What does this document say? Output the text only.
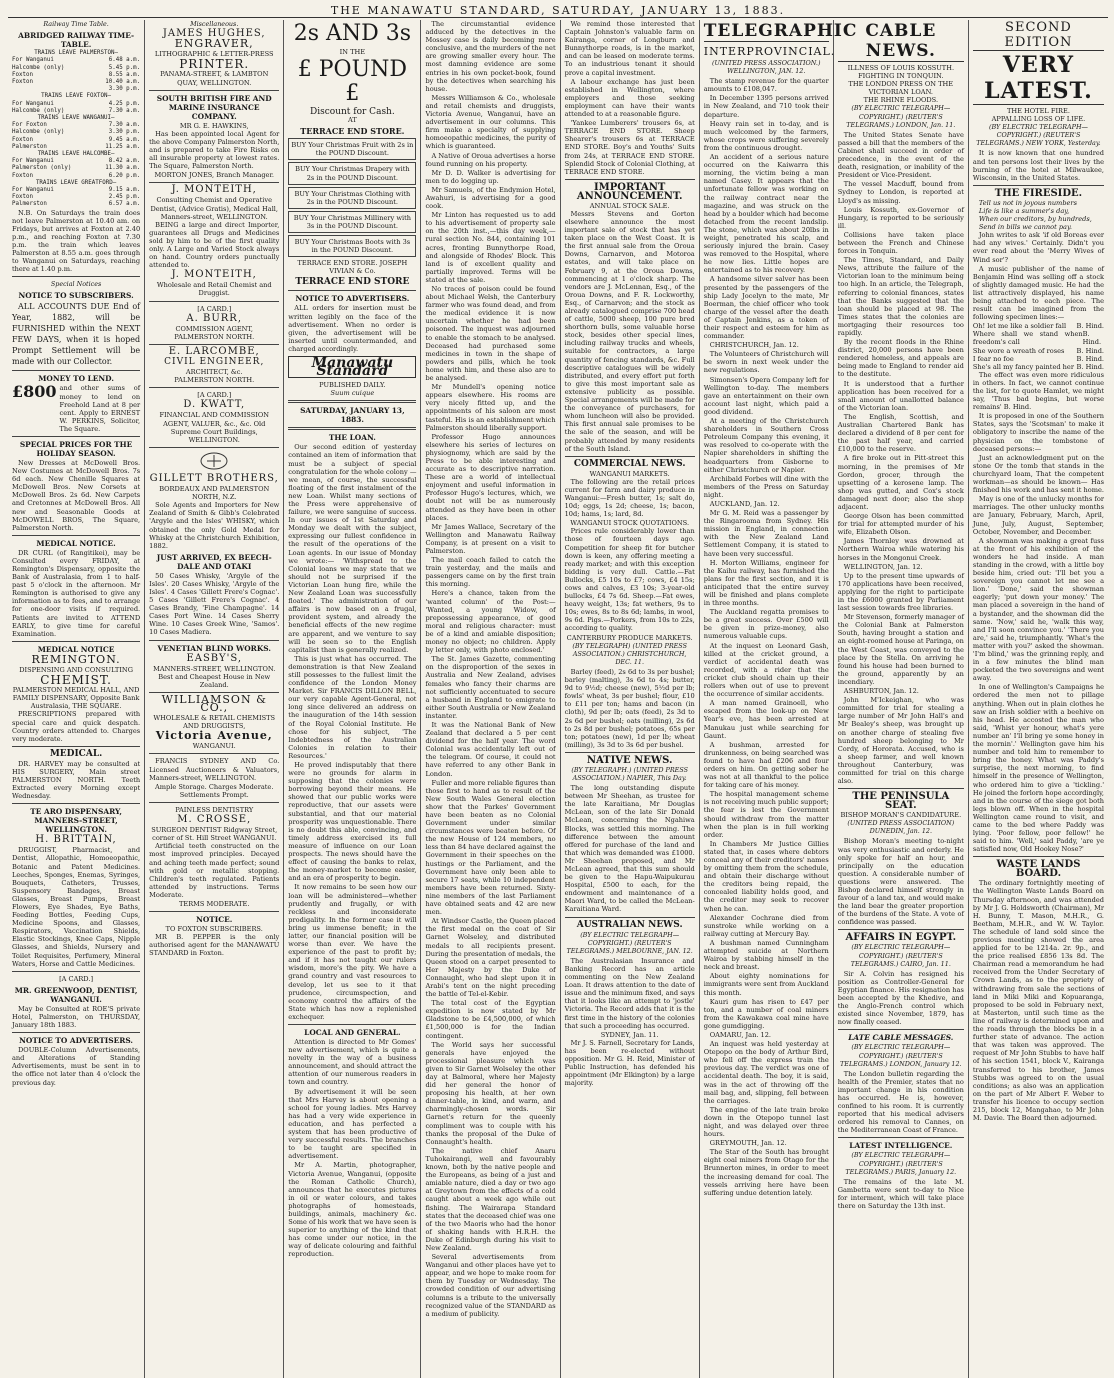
THE MANAWATU STANDARD, SATURDAY, JANUARY 13, 1883.
Railway Time Table.
ABRIDGED RAILWAY TIME-TABLE.
TRAINS LEAVE PALMERSTON—
For Wanganui	6.48 a.m.
Halcombe (only)	5.45 p.m.
Foxton	8.55 a.m.
Foxton	10.40 a.m.
3.30 p.m.
TRAINS LEAVE FOXTON—
For Wanganui	4.25 p.m.
Halcombe (only)	7.30 a.m.
TRAINS LEAVE WANGANUI—
For Foxton	7.30 a.m.
Halcombe (only)	3.30 p.m.
Foxton	9.45 a.m.
Palmerston	11.25 a.m.
TRAINS LEAVE HALCOMBE—
For Wanganui	8.42 a.m.
Palmerston (only)	11.30 a.m.
Foxton	6.20 p.m.
TRAINS LEAVE GREATFORD—
For Wanganui	9.15 a.m.
Foxton	2.45 p.m.
Palmerston	6.57 a.m.
N.B. On Saturdays the train does not leave Palmerston at 10.40 am. on Fridays, but arrives at Foxton at 2.40 p.m., and reaching Foxton at 7.30 p.m. the train which leaves Palmerston at 8.55 a.m. goes through to Wanganui on Saturdays, reaching there at 1.40 p.m.
Special Notices
NOTICE TO SUBSCRIBERS.
ALL ACCOUNTS DUE End of Year, 1882, will be FURNISHED within the NEXT FEW DAYS, when it is hoped Prompt Settlement will be made with our Collector.
MONEY TO LEND.
£800 and other sums of money to lend on Freehold Land at 8 per cent. Apply to ERNEST W. PERKINS, Solicitor, The Square.
SPECIAL PRICES FOR THE HOLIDAY SEASON.
New Dresses at McDowell Bros. New Costumes at McDowell Bros. 7s 6d each. New Chenille Squares at McDowell Bros. New Corsets at McDowell Bros. 2s 6d. New Carpets and Cretonnes at McDowell Bros. All new and Seasonable Goods at McDOWELL BROS, The Square, Palmerston North.
MEDICAL NOTICE.
DR CURL (of Rangitikei), may be Consulted every FRIDAY, at Remington's Dispensary, opposite the Bank of Australasia, from 1 to half-past 5 o'clock in the afternoon. Mr Remington is authorised to give any information as to fees, and to arrange for one-door visits if required. Patients are invited to ATTEND EARLY, to give time for careful Examination.
MEDICAL NOTICE
REMINGTON.
DISPENSING AND CONSULTING
CHEMIST.
PALMERSTON MEDICAL HALL, AND FAMILY DISPENSARY, Opposite Bank Australasia, THE SQUARE.
PRESCRIPTIONS prepared with special care and quick despatch. Country orders attended to. Charges very moderate.
MEDICAL.
DR. HARVEY may be consulted at HIS SURGERY, Main street PALMERSTON NORTH. Teeth Extracted every Morning except Wednesday.
TE ARO DISPENSARY, MANNERS-STREET, WELLINGTON.
H. BRITTAIN,
DRUGGIST, Pharmacist, and Dentist, Allopathic, Homoeopathic, Botanic and Patent Medicines. Leeches, Sponges, Enemas, Syringes, Bouquets, Catheters, Trusses, Suspensory Bandages, Breast Glasses, Breast Pumps, Breast Flowers, Eye Shades, Eye Baths, Feeding Bottles, Feeding Cups, Medicine Spoons, and Glasses, Respirators, Vaccination Shields, Elastic Stockings, Knee Caps, Nipple Glasses, and Shields, Nursery and Toilet Requisites, Perfumery, Mineral Waters, Horse and Cattle Medicines.
[A CARD.]
MR. GREENWOOD, DENTIST, WANGANUI.
May be Consulted at ROE'S private Hotel, Palmerston, on THURSDAY, January 18th 1883.
NOTICE TO ADVERTISERS.
DOUBLE-Column Advertisements, and Alterations of Standing Advertisements, must be sent in to the office not later than 4 o'clock the previous day.
Miscellaneous.
JAMES HUGHES,
ENGRAVER,
LITHOGRAPHIC & LETTER-PRESS
PRINTER.
PANAMA-STREET, & LAMBTON QUAY, WELLINGTON.
SOUTH BRITISH FIRE AND MARINE INSURANCE COMPANY.
MR G. E. HAWKINS,
Has been appointed local Agent for the above Company Palmerston North, and is prepared to take Fire Risks on all insurable property at lowest rates. The Square, Palmerston North.
MORTON JONES, Branch Manager.
J. MONTEITH,
Consulting Chemist and Operative Dentist, (Advice Gratis), Medical Hall, Manners-street, WELLINGTON.
BEING a large and direct Importer, guarantees all Drugs and Medicines sold by him to be of the first quality only. A Large and Varied Stock always on hand. Country orders punctually attended to.
J. MONTEITH,
Wholesale and Retail Chemist and Druggist.
[A CARD.]
A. BURR,
COMMISSION AGENT,
PALMERSTON NORTH.
E. LARCOMBE,
CIVIL ENGINEER,
ARCHITECT, &c.
PALMERSTON NORTH.
[A CARD.]
D. KWATT,
FINANCIAL AND COMMISSION AGENT, VALUER, &c., &c. Old Supreme Court Buildings, WELLINGTON.
GILLETT BROTHERS,
BORDEAUX AND PALMERSTON NORTH, N.Z.
Sole Agents and Importers for New Zealand of Smith & Gibb's Celebrated 'Argyle and the Isles' WHISKY, which obtained the only Gold Medal for Whisky at the Christchurch Exhibition, 1882.
JUST ARRIVED, EX BEECH-DALE AND OTAKI
50 Cases Whisky, 'Argyle of the Isles'. 20 Cases Whisky, 'Argyle of the Isles'. 4 Cases 'Gillett Frere's Cognac'. 5 Cases 'Gillett Frere's Cognac'. 4 Cases Brandy, 'Fine Champagne'. 14 Cases Port Wine. 14 Cases Sherry Wine. 10 Cases Greek Wine, 'Samos'. 10 Cases Madiera.
VENETIAN BLIND WORKS.
EASBY'S,
MANNERS-STREET, WELLINGTON. Best and Cheapest House in New Zealand.
WILLIAMSON & CO.,
WHOLESALE & RETAIL CHEMISTS AND DRUGGISTS,
Victoria Avenue,
WANGANUI.
FRANCIS SYDNEY AND Co. Licensed Auctioneers & Valuators, Manners-street, WELLINGTON.
Ample Storage. Charges Moderate. Settlements Prompt.
PAINLESS DENTISTRY
M. CROSSE,
SURGEON DENTIST Ridgway Street, corner of St. Hill Street WANGANUI.
Artificial teeth constructed on the most improved principles. Decayed and aching teeth made perfect; sound with gold or metallic stopping. Children's teeth regulated. Patients attended by instructions. Terms Moderate.
TERMS MODERATE.
NOTICE.
TO FOXTON SUBSCRIBERS.
MR B. PEPPER is the only authorised agent for the MANAWATU STANDARD in Foxton.
2s AND 3s
IN THE
£ POUND £
Discount for Cash.
AT
TERRACE END STORE.
BUY Your Christmas Fruit with 2s in the POUND Discount.
BUY Your Christmas Drapery with 2s in the POUND Discount.
BUY Your Christmas Clothing with 2s in the POUND Discount.
BUY Your Christmas Millinery with 3s in the POUND Discount.
BUY Your Christmas Boots with 3s in the POUND Discount.
TERRACE END STORE. JOSEPH VIVIAN & Co.
TERRACE END STORE
NOTICE TO ADVERTISERS.
ALL orders for insertion must be written legibly on the face of the advertisement. When no order is given, the advertisement will be inserted until countermanded, and charged accordingly.
Manawatu Standard
PUBLISHED DAILY.
Suum cuique
SATURDAY, JANUARY 13, 1883.
THE LOAN.
Our second edition of yesterday contained an item of information that must be a subject of special congratulation for the whole colony — we mean, of course, the successful floating of the first instalment of the new Loan. Whilst many sections of the Press were apprehensive of failure, we were sanguine of success. In our issues of 1st Saturday and Monday we dealt with the subject, expressing our fullest confidence in the result of the operations of the Loan agents. In our issue of Monday we wrote:— 'Withspread to the Colonial loans we may state that we should not be surprised if the Victorian Loan hung fire, while the New Zealand Loan was successfully floated.' The administration of our affairs is now based on a frugal, provident system, and already the beneficial effects of the new regime are apparent, and we venture to say will be seen so to the English capitalist than is generally realized.
This is just what has occurred. The demonstration is that New Zealand still possesses to the fullest limit the confidence of the London Money Market. Sir FRANCIS DILLON BELL, our very capable Agent-General, not long since delivered an address on the inauguration of the 14th session of the Royal Colonial Institute. He chose for his subject, 'The Indebtedness of the Australian Colonies in relation to their Resources.'
He proved indisputably that there were no grounds for alarm in supposing that the colonies were borrowing beyond their means. He showed that our public works were reproductive, that our assets were substantial, and that our material prosperity was unquestionable. There is no doubt this able, convincing, and timely address exercised its full measure of influence on our Loan prospects. The news should have the effect of causing the banks to relax, the money-market to become easier, and an era of prosperity to begin.
It now remains to be seen how our loan will be administered—whether prudently and frugally, or with reckless and inconsiderate prodigality. In the former case it will bring us immense benefit; in the latter, our financial position will be worse than ever. We have the experience of the past to profit by; and if it has not taught our rulers wisdom, more's the pity. We have a grand country and vast resources to develop, let us see to it that prudence, circumspection, and economy control the affairs of the State which has now a replenished exchequer.
LOCAL AND GENERAL.
Attention is directed to Mr Gomes' new advertisement, which is quite a novelty in the way of a business announcement, and should attract the attention of our numerous readers in town and country.
By advertisement it will be seen that Mrs Harvey is about opening a school for young ladies. Mrs Harvey has had a very wide experience in education, and has perfected a system that has been productive of very successful results. The branches to be taught are specified in advertisement.
Mr A. Martin, photographer, Victoria Avenue, Wanganui, (opposite the Roman Catholic Church), announces that he executes pictures in oil or water colours, and takes photographs of homesteads, buildings, animals, machinery &c. Some of his work that we have seen is superior to anything of the kind that has come under our notice, in the way of delicate colouring and faithful reproduction.
The circumstantial evidence adduced by the detectives in the Mossey case is daily becoming more conclusive, and the murders of the net are growing smaller every hour. The most damning evidence are some entries in his own pocket-book, found by the detectives when searching his house.
Messrs Williamson & Co., wholesale and retail chemists and druggists, Victoria Avenue, Wanganui, have an advertisement in our columns. This firm make a specialty of supplying homoeopathic medicines, the purity of which is guaranteed.
A Native of Oroua advertises a horse found running on his property.
Mr D. D. Walker is advertising for men to do logging up.
Mr Samuels, of the Endymion Hotel, Awahuri, is advertising for a good cook.
Mr Linton has requested us to add to his advertisement of property sale on the 20th inst.,—this day week,—rural section No. 844, containing 101 acres, fronting Bunnythorpe Road, and alongside of Rhodes' Block. This land is of excellent quality and partially improved. Terms will be stated at the sale.
No traces of poison could be found about Michael Welsh, the Canterbury farmer who was found dead, and from the medical evidence it is now uncertain whether he had been poisoned. The inquest was adjourned to enable the stomach to be analysed. Deceased had purchased some medicines in town in the shape of powders and pills, which he took home with him, and these also are to be analysed.
Mr Mundell's opening notice appears elsewhere. His rooms are very nicely fitted up, and the appointments of his saloon are most tasteful. His is an establishment which Palmerston should liberally support.
Professor Hugo announces elsewhere his series of lectures on physiognomy, which are said by the Press to be able interesting and accurate as to descriptive narration. These are a world of intellectual enjoyment and useful information in Professor Hugo's lectures, which, we doubt not will be as numerously attended as they have been in other places.
Mr James Wallace, Secretary of the Wellington and Manawatu Railway Company, is at present on a visit to Palmerston.
The mail coach failed to catch the train yesterday, and the mails and passengers came on by the first train this morning.
Here's a chance, taken from the 'wanted column' of the Post:— 'Wanted, a young Widow, of prepossessing appearance, of good moral and religious character: must be of a kind and amiable disposition; money no object; no children. Apply by letter only, with photo enclosed.'
The St. James Gazette, commenting on the disproportion of the sexes in Australia and New Zealand, advises females who fancy their charms are not sufficiently accentuated to secure a husband in England to emigrate to either South Australia or New Zealand instanter.
It was the National Bank of New Zealand that declared a 5 per cent dividend for the half year. The word Colonial was accidentally left out of the telegram. Of course, it could not have referred to any other Bank in London.
Fuller and more reliable figures than those first to hand as to result of the New South Wales General election show that the Parkes' Government have been beaten as no Colonial Government under similar circumstances were beaten before. Of the new House of 124 members, no less than 84 have declared against the Government in their speeches on the hustings or the Parliament, and the Government have only been able to secure 17 seats, while 10 independent members have been returned. Sixty-nine members of the last Parliament have obtained seats and 42 are new men.
At Windsor Castle, the Queen placed the first medal on the coat of Sir Garnet Wolseley, and distributed medals to all recipients present. During the presentation of medals, the Queen stood on a carpet presented to Her Majesty by the Duke of Connaught, who had slept upon it in Arabi's tent on the night preceding the battle of Tel-el-Kebir.
The total cost of the Egyptian expedition is now stated by Mr Gladstone to be £4,500,000, of which £1,500,000 is for the Indian contingent.
The World says her successful generals have enjoyed the processional pleasure which was given to Sir Garnet Wolseley the other day at Balmoral, where her Majesty did her general the honor of proposing his health, at her own dinner-table, in kind, and warm, and charmingly-chosen words. Sir Garnet's return for the queenly compliment was to couple with his thanks the proposal of the Duke of Connaught's health.
The native chief Anaru Tuhokairangi, well and favourably known, both by the native people and the Europeans, as being of a just and amiable nature, died a day or two ago at Greytown from the effects of a cold caught about a week ago while out fishing. The Wairarapa Standard states that the deceased chief was one of the two Maoris who had the honor of shaking hands with H.R.H. the Duke of Edinburgh during his visit to New Zealand.
Several advertisements from Wanganui and other places have yet to appear, and we hope to make room for them by Tuesday or Wednesday. The crowded condition of our advertising columns is a tribute to the universally recognized value of the STANDARD as a medium of publicity.
We remind those interested that Captain Johnston's valuable farm on Kairanga, corner of Longburn and Bunnythorpe roads, is in the market, and can be leased on moderate terms. To an industrious tenant it should prove a capital investment.
A labour exchange has just been established in Wellington, where employers and those seeking employment can have their wants attended to at a reasonable figure.
'Yankee Lumberers' trousers 6s, at TERRACE END STORE. Sheep Shearer's trousers 6s at TERRACE END STORE. Boy's and Youths' Suits from 24s, at TERRACE END STORE. Splendid Stock of Colonial Clothing, at TERRACE END STORE.
IMPORTANT ANNOUNCEMENT.
ANNUAL STOCK SALE.
Messrs Stevens and Gorton elsewhere announce the most important sale of stock that has yet taken place on the West Coast. It is the first annual sale from the Oroua Downs, Carnarvon, and Motoroa estates, and will take place on February 9, at the Oroua Downs, commencing at 1 o'clock sharp. The vendors are J. McLennan, Esq., of the Oroua Downs, and F. R. Lockworthy, Esq., of Carnarvon; and the stock as already catalogued comprise 700 head of cattle, 5000 sheep, 100 pure bred shorthorn bulls, some valuable horse stock, besides other special lines, including railway trucks and wheels, suitable for contractors, a large quantity of fencing standards, &c. Full descriptive catalogues will be widely distributed, and every effort put forth to give this most important sale as extensive publicity as possible. Special arrangements will be made for the conveyance of purchasers, for whom luncheon will also be provided. This first annual sale promises to be the sale of the season, and will be probably attended by many residents of the South Island.
COMMERCIAL NEWS.
WANGANUI MARKETS.
The following are the retail prices current for farm and dairy produce in Wanganui:—Fresh butter, 1s; salt do, 10d; eggs, 1s 2d; cheese, 1s; bacon, 10d; hams, 1s; lard, 8d.
WANGANUI STOCK QUOTATIONS.
Prices rule considerably lower than those of fourteen days ago. Competition for sheep fit for butcher down is keen, any offering meeting a ready market; and with this exception bidding is very dull. Cattle.—Fat Bullocks, £5 10s to £7; cows, £4 15s; cows and calves, £3 10s; 3-year-old bullocks, £4 7s 6d. Sheep.—Fat ewes, heavy weight, 13s; fat wethers, 9s to 10s; ewes, 8s to 8s 6d; lambs, in wool, 9s 6d. Pigs.—Porkers, from 10s to 22s, according to quality.
CANTERBURY PRODUCE MARKETS.
(BY TELEGRAPH) (UNITED PRESS ASSOCIATION.) CHRISTCHURCH, DEC. 11.
Barley (feed), 2s 6d to 3s per bushel; barley (malting), 3s 6d to 4s; butter, 9d to 9½d; cheese (new), 5½d per lb; fowls' wheat, 3s per bushel; flour, £10 to £11 per ton; hams and bacon (in cloth), 9d per lb; oats (feed), 2s 3d to 2s 6d per bushel; oats (milling), 2s 6d to 2s 8d per bushel; potatoes, 65s per ton; potatoes (new), 1d per lb; wheat (milling), 3s 3d to 3s 6d per bushel.
NATIVE NEWS.
(BY TELEGRAPH.) (UNITED PRESS ASSOCIATION.) NAPIER, This Day.
The long outstanding dispute between Mr Sheehan, as trustee for the late Karaitiana, Mr Douglas McLean, son of the late Sir Donald McLean, concerning the Ngahiwa Blocks, was settled this morning. The difference between the amount offered for purchase of the land and that which was demanded was £1000. Mr Sheehan proposed, and Mr McLean agreed, that this sum should be given to the Hapu-Waipukurau Hospital, £500 to each, for the endowment and maintenance of a Maori Ward, to be called the McLean-Karaitiana Ward.
AUSTRALIAN NEWS.
(BY ELECTRIC TELEGRAPH—COPYRIGHT.) (REUTER'S TELEGRAMS.) MELBOURNE, JAN. 12.
The Australasian Insurance and Banking Record has an article commenting on the New Zealand Loan. It draws attention to the date of issue and the minimum fixed, and says that it looks like an attempt to 'jostle' Victoria. The Record adds that it is the first time in the history of the colonies that such a proceeding has occurred.
SYDNEY, Jan. 11.
Mr J. S. Farnell, Secretary for Lands, has been re-elected without opposition. Mr G. H. Reid, Minister of Public Instruction, has defended his appointment (Mr Elkington) by a large majority.
TELEGRAPHIC
INTERPROVINCIAL.
(UNITED PRESS ASSOCIATION.) WELLINGTON, JAN. 12.
The stamp revenue for the quarter amounts to £108,047.
In December 1395 persons arrived in New Zealand, and 710 took their departure.
Heavy rain set in to-day, and is much welcomed by the farmers, whose crops were suffering severely from the continuous drought.
An accident of a serious nature occurred on the Kaiwarra this morning, the victim being a man named Casey. It appears that the unfortunate fellow was working on the railway contract near the magazine, and was struck on the head by a boulder which had become detached from the recent landslip. The stone, which was about 20lbs in weight, penetrated his scalp, and seriously injured the brain. Casey was removed to the Hospital, where he now lies. Little hopes are entertained as to his recovery.
A handsome silver salver has been presented by the passengers of the ship Lady Jocelyn to the mate, Mr Boerman, the chief officer who took charge of the vessel after the death of Captain Jenkins, as a token of their respect and esteem for him as commander.
CHRISTCHURCH, Jan. 12.
The Volunteers of Christchurch will be sworn in next week under the new regulations.
Simonsen's Opera Company left for Wellington to-day. The members gave an entertainment on their own account last night, which paid a good dividend.
At a meeting of the Christchurch shareholders in Southern Cross Petroleum Company this evening, it was resolved to co-operate with the Napier shareholders in shifting the headquarters from Gisborne to either Christchurch or Napier.
Archibald Forbes will dine with the members of the Press on Saturday night.
AUCKLAND, Jan. 12.
Mr G. M. Reid was a passenger by the Ringarooma from Sydney. His mission in England, in connection with the New Zealand Land Settlement Company, it is stated to have been very successful.
H. Morton Williams, engineer for the Kaihu railway, has furnished the plans for the first section, and it is anticipated that the entire survey will be finished and plans complete in three months.
The Auckland regatta promises to be a great success. Over £500 will be given in prize-money, also numerous valuable cups.
At the inquest on Leonard Gash, killed at the cricket ground, a verdict of accidental death was recorded, with a rider that the cricket club should chain up their rollers when out of use to prevent the occurrence of similar accidents.
A man named Grainoell, who escaped from the look-up on New Year's eve, has been arrested at Manukau just while searching for Gaunt.
A bushman, arrested for drunkenness, on being searched was found to have had £206 and four orders on him. On getting sober he was not at all thankful to the police for taking care of his money.
The hospital management scheme is not receiving much public support; the fear is lest the Government should withdraw from the matter when the plan is in full working order.
In Chambers Mr Justice Gillies stated that, in cases where debtors conceal any of their creditors' names by omitting them from the schedule, and obtain their discharge without the creditors being repaid, the concealed liability holds good, and the creditor may seek to recover when he can.
Alexander Cochrane died from sunstroke while working on a railway cutting at Mercury Bay.
A bushman named Cunningham attempted suicide at Northern Wairoa by stabbing himself in the neck and breast.
About eighty nominations for immigrants were sent from Auckland this month.
Kauri gum has risen to £47 per ton, and a number of coal miners from the Kawakawa coal mine have gone gumdigging.
OAMARU, Jan. 12.
An inquest was held yesterday at Otepopo on the body of Arthur Bird, who fell off the express train the previous day. The verdict was one of accidental death. The boy, it is said, was in the act of throwing off the mail bag, and, slipping, fell between the carriages.
The engine of the late train broke down in the Otepopo tunnel last night, and was delayed over three hours.
GREYMOUTH, Jan. 12.
The Star of the South has brought eight coal miners from Otago for the Brunnerton mines, in order to meet the increasing demand for coal. The vessels arriving here have been suffering undue detention lately.
CABLE NEWS.
ILLNESS OF LOUIS KOSSUTH.
FIGHTING IN TONQUIN.
THE LONDON PRESS ON THE VICTORIAN LOAN.
THE RHINE FLOODS.
(BY ELECTRIC TELEGRAPH—COPYRIGHT.) (REUTER'S TELEGRAMS.) LONDON, Jan. 11.
The United States Senate have passed a bill that the members of the Cabinet shall succeed in order of precedence, in the event of the death, resignation, or inability of the President or Vice-President.
The vessel Macduff, bound from Sydney to London, is reported at Lloyd's as missing.
Louis Kossuth, ex-Governor of Hungary, is reported to be seriously ill.
Collisions have taken place between the French and Chinese forces in Tonquin.
The Times, Standard, and Daily News, attribute the failure of the Victorian loan to the minimum being too high. In an article, the Telegraph, referring to colonial finances, states that the Banks suggested that the loan should be placed at 98. The Times states that the colonies are mortgaging their resources too rapidly.
By the recent floods in the Rhine district, 20,000 persons have been rendered homeless, and appeals are being made to England to render aid to the destitute.
It is understood that a further application has been received for a small amount of unallotted balance of the Victorian loan.
The English, Scottish, and Australian Chartered Bank has declared a dividend of 8 per cent for the past half year, and carried £10,000 to the reserve.
A fire broke out in Pitt-street this morning, in the premises of Mr Gordon, grocer, through the upsetting of a kerosene lamp. The shop was gutted, and Cox's stock damaged next door; also the shop adjacent.
George Olson has been committed for trial for attempted murder of his wife, Elizabeth Olson.
James Thornley was drowned at Northern Wairoa while watering his horses in the Mongonui Creek.
WELLINGTON, Jan. 12.
Up to the present time upwards of 170 applications have been received, applying for the right to participate in the £6000 granted by Parliament last session towards free libraries.
Mr Stevenson, formerly manager of the Colonial Bank at Palmerston South, having brought a station and an eight-roomed house at Paringa, on the West Coast, was conveyed to the place by the Stella. On arriving he found his house had been burned to the ground, apparently by an incendiary.
ASHBURTON, Jan. 12.
John M'Ickeighan, who was committed for trial for stealing a large number of Mr John Hall's and Mr Bealey's sheep, was brought up on another charge of stealing five hundred sheep belonging to Mr Cordy, of Hororata. Accused, who is a sheep farmer, and well known throughout Canterbury, was committed for trial on this charge also.
THE PENINSULA SEAT.
BISHOP MORAN'S CANDIDATURE.
(UNITED PRESS ASSOCIATION) DUNEDIN, Jan. 12.
Bishop Moran's meeting to-night was very enthusiastic and orderly. He only spoke for half an hour, and principally on the education question. A considerable number of questions were answered. The Bishop declared himself strongly in favour of a land tax, and would make the land bear the greater proportion of the burdens of the State. A vote of confidence was passed.
AFFAIRS IN EGYPT.
(BY ELECTRIC TELEGRAPH—COPYRIGHT.) (REUTER'S TELEGRAMS.) CAIRO, Jan. 11.
Sir A. Colvin has resigned his position as Controller-General for Egyptian finance. His resignation has been accepted by the Khedive, and the Anglo-French control which existed since November, 1879, has now finally ceased.
LATE CABLE MESSAGES.
(BY ELECTRIC TELEGRAPH—COPYRIGHT.) (REUTER'S TELEGRAMS.) LONDON, January 12.
The London bulletin regarding the health of the Premier, states that no important change in his condition has occurred. He is, however, confined to his room. It is currently reported that his medical advisers ordered his removal to Cannes, on the Mediterranean Coast of France.
LATEST INTELLIGENCE.
(BY ELECTRIC TELEGRAPH—COPYRIGHT.) (REUTER'S TELEGRAMS.) PARIS, January 12.
The remains of the late M. Gambetta were sent to-day to Nice for interment, which will take place there on Saturday the 13th inst.
SECOND EDITION
VERY LATEST.
THE HOTEL FIRE.
APPALLING LOSS OF LIFE.
(BY ELECTRIC TELEGRAPH—COPYRIGHT.) (REUTER'S TELEGRAMS.) NEW YORK, Yesterday.
It is now known that one hundred and ten persons lost their lives by the burning of the hotel at Milwaukee, Wisconsin, in the United States.
THE FIRESIDE.
Tell us not in joyous numbers
Life is like a summer's day,
When our creditors, by hundreds,
Send in bills we cannot pay.
John writes to ask 'if old Boreas ever had any wives.' Certainly. Didn't you ever read about the 'Merry Wives of Wind sor'?
A music publisher of the name of Benjamin Hind was selling off a stock of slightly damaged music. He had the list attractively displayed, his name being attached to each piece. The result can be imagined from the following specimen lines:—
Oh! let me like a soldier fall B. Hind.
Where shall we stand when freedom's call
B. Hind.
She wore a wreath of roses B. Hind.
I fear no foe	B. Hind.
She's all my fancy painted her B. Hind.
The effect was even more ridiculous in others. In fact, we cannot continue the list, for to quote Hamlet, we might say, 'Thus bad begins, but worse remains' B. Hind.
It is proposed in one of the Southern States, says the 'Scotsman' to make it obligatory to inscribe the name of the physician on the tombstone of deceased persons:—
Just an acknowledgment put on the stone Or the tomb that stands in the churchyard loam, That the competent workman—as should be known— Has finished his work and has sent it home.
May is one of the unlucky months for marriages. The other unlucky months are January, February, March, April, June, July, August, September, October, November, and December.
A showman was making a great fuss at the front of his exhibition of the wonders he had inside. A man standing in the crowd, with a little boy beside him, cried out: 'I'll bet you a sovereign you cannot let me see a lion.' 'Done,' said the showman eagerly; 'put down your money.' The man placed a sovereign in the hand of a bystander, and the showman did the same. 'Now,' said he, 'walk this way, and I'll soon convince you.' 'There you are,' said he, triumphantly. 'What's the matter with you?' asked the showman. 'I'm blind,' was the grinning reply, and in a few minutes the blind man pocketed the two sovereigns and went away.
In one of Wellington's Campaigns he ordered the men not to pillage anything. When out in plain clothes he saw an Irish soldier with a beehive on his head. He accosted the man who said, 'Whist yer honour, what's yere number an' I'll bring ye some honey in the mornin'.' Wellington gave him his number and told him to remember to bring the honey. What was Paddy's surprise, the next morning, to find himself in the presence of Wellington, who ordered him to give a 'tickling.' He joined the forlorn hope accordingly, and in the course of the siege got both legs blown off. When in the hospital Wellington came round to visit, and came to the bed where Paddy was lying. 'Poor fellow, poor fellow!' he said to him. 'Well,' said Paddy, 'are ye satisfied now, Old Hookey Nose?'
WASTE LANDS BOARD.
The ordinary fortnightly meeting of the Wellington Waste Lands Board on Thursday afternoon, and was attended by Mr J. G. Holdsworth (Chairman), Mr H. Bunny, T. Mason, M.H.R., G. Beetham, M.H.R., and W. W. Taylor. The schedule of land sold since the previous meeting showed the area applied for to be 1214a. 2r. 9p., and the price realised £856 13s 8d. The Chairman read a memorandum he had received from the Under Secretary of Crown Lands, as to the propriety of withdrawing from sale the sections of land in Miki Miki and Kopuaranga, proposed to be sold in February next, at Masterton, until such time as the line of railway is determined upon and the roads through the blocks be in a further state of advance. The action that was taken was approved. The request of Mr John Stubbs to have half of his section 1541, block V., Kairanga transferred to his brother, James Stubbs was agreed to on the usual conditions; as also was an application on the part of Mr Albert F. Weber to transfer his licence to occupy section 215, block 12, Mangahao, to Mr John M. Davie. The Board then adjourned.
